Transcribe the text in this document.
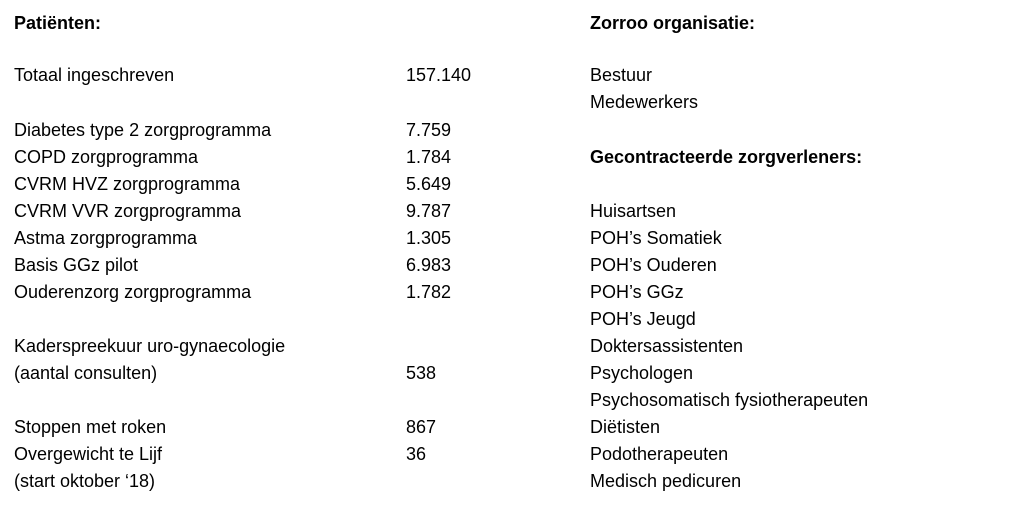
Patiënten:
Totaal ingeschreven	157.140
Diabetes type 2 zorgprogramma	7.759
COPD zorgprogramma	1.784
CVRM HVZ zorgprogramma	5.649
CVRM VVR zorgprogramma	9.787
Astma zorgprogramma	1.305
Basis GGz pilot	6.983
Ouderenzorg zorgprogramma	1.782
Kaderspreekuur uro-gynaecologie
(aantal consulten)	538
Stoppen met roken	867
Overgewicht te Lijf	36
(start oktober ‘18)
Zorroo organisatie:
Bestuur
Medewerkers
Gecontracteerde zorgverleners:
Huisartsen
POH’s Somatiek
POH’s Ouderen
POH’s GGz
POH’s Jeugd
Doktersassistenten
Psychologen
Psychosomatisch fysiotherapeuten
Diëtisten
Podotherapeuten
Medisch pedicuren
